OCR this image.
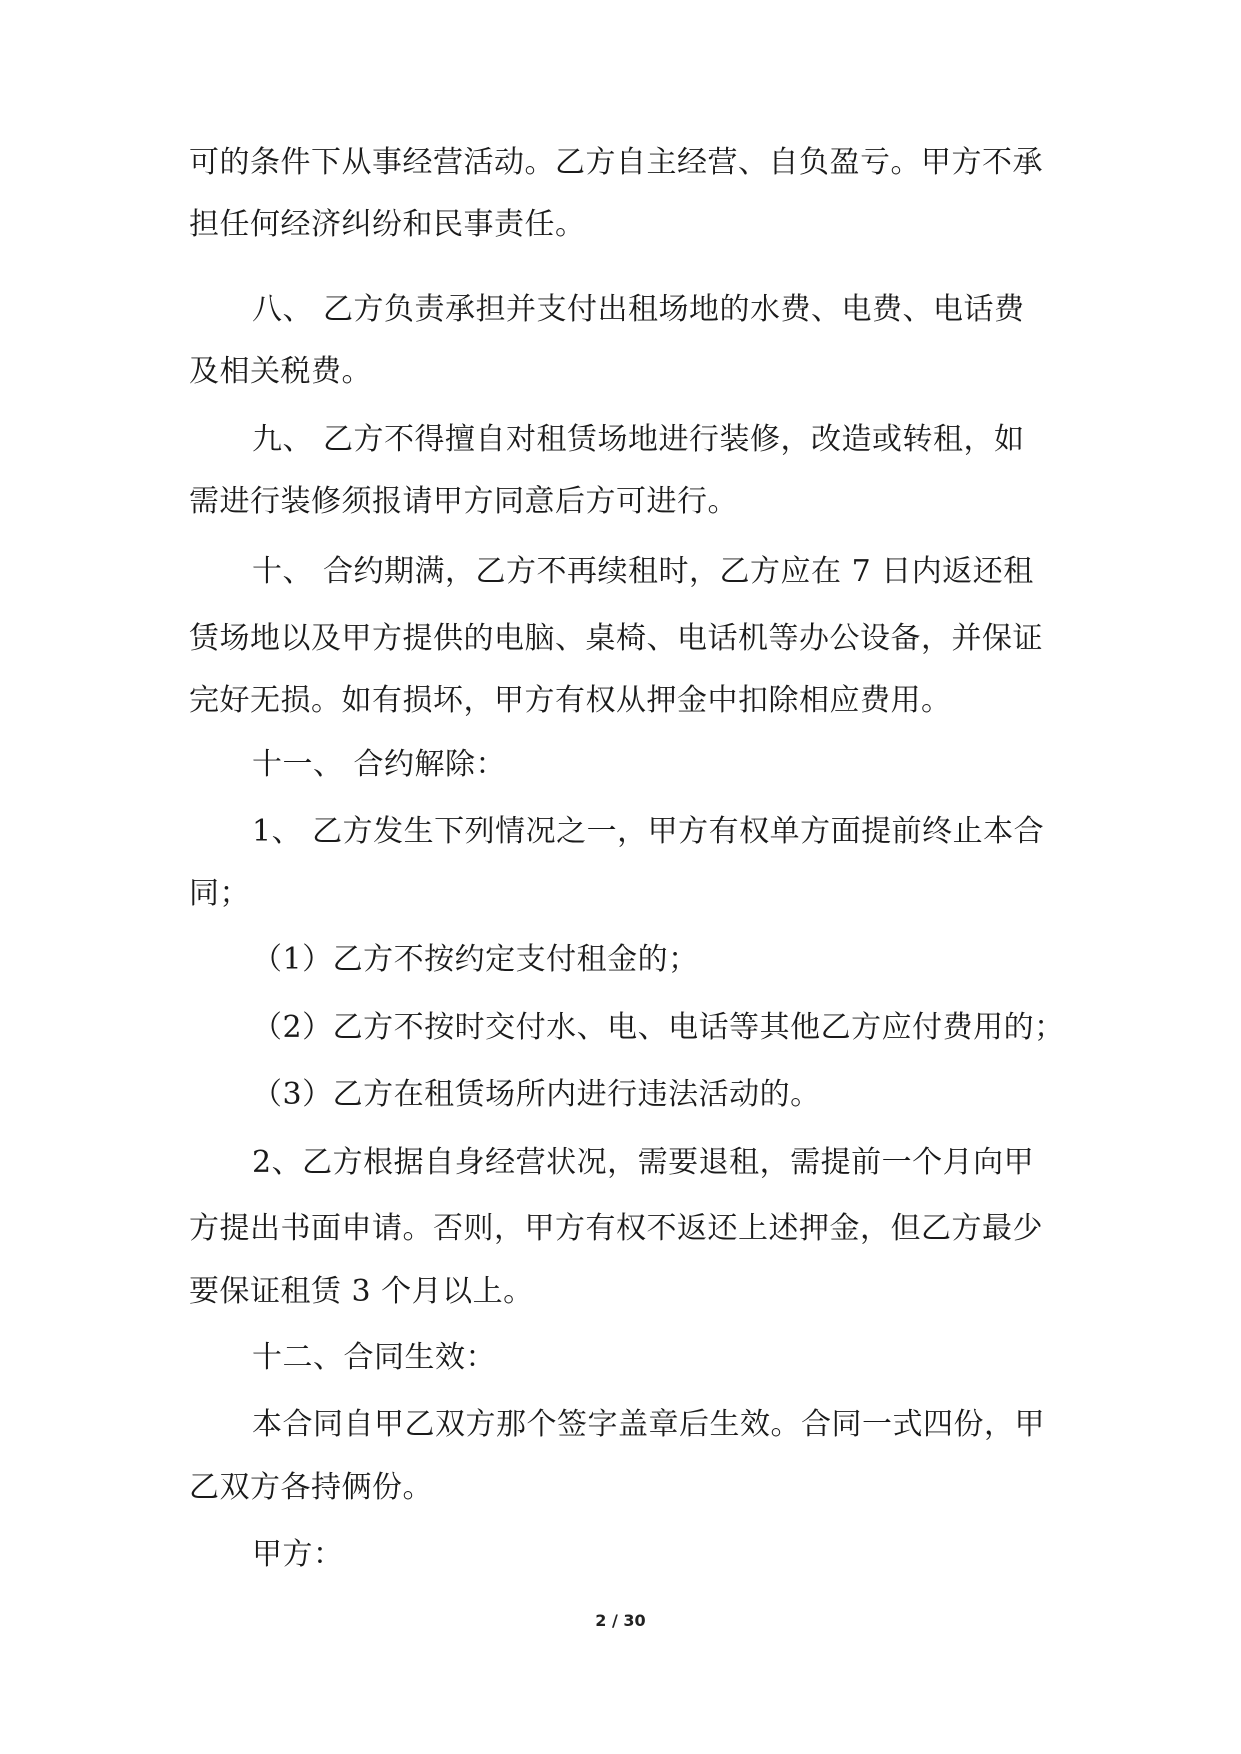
可的条件下从事经营活动。乙方自主经营、自负盈亏。甲方不承

担任何经济纠纷和民事责任。

八、 乙方负责承担并支付出租场地的水费、电费、电话费

及相关税费。

九、 乙方不得擅自对租赁场地进行装修，改造或转租，如

需进行装修须报请甲方同意后方可进行。

十、 合约期满，乙方不再续租时，乙方应在 7 日内返还租

赁场地以及甲方提供的电脑、桌椅、电话机等办公设备，并保证

完好无损。如有损坏，甲方有权从押金中扣除相应费用。

十一、 合约解除：

1、 乙方发生下列情况之一，甲方有权单方面提前终止本合

同；

（1）乙方不按约定支付租金的；

（2）乙方不按时交付水、电、电话等其他乙方应付费用的；

（3）乙方在租赁场所内进行违法活动的。

2、乙方根据自身经营状况，需要退租，需提前一个月向甲

方提出书面申请。否则，甲方有权不返还上述押金，但乙方最少

要保证租赁 3 个月以上。

十二、合同生效：

本合同自甲乙双方那个签字盖章后生效。合同一式四份，甲

乙双方各持俩份。

甲方：

2 / 30
